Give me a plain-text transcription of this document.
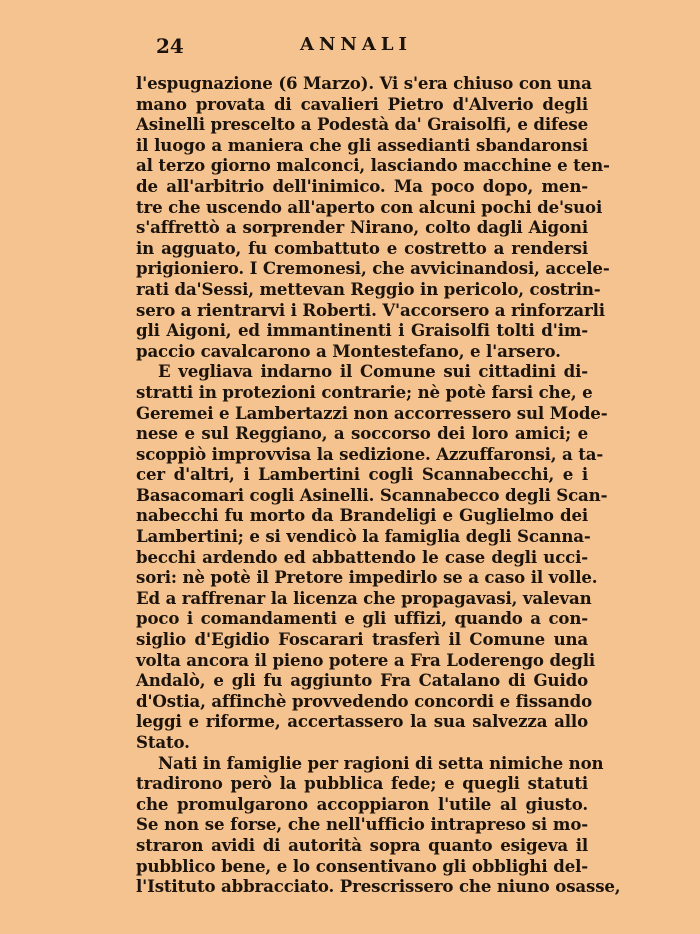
24	ANNALI
l'espugnazione (6 Marzo). Vi s'era chiuso con una
mano provata di cavalieri Pietro d'Alverio degli
Asinelli prescelto a Podestà da' Graisolfi, e difese
il luogo a maniera che gli assedianti sbandaronsi
al terzo giorno malconci, lasciando macchine e ten-
de all'arbitrio dell'inimico. Ma poco dopo, men-
tre che uscendo all'aperto con alcuni pochi de'suoi
s'affrettò a sorprender Nirano, colto dagli Aigoni
in agguato, fu combattuto e costretto a rendersi
prigioniero. I Cremonesi, che avvicinandosi, accele-
rati da'Sessi, mettevan Reggio in pericolo, costrin-
sero a rientrarvi i Roberti. V'accorsero a rinforzarli
gli Aigoni, ed immantinenti i Graisolfi tolti d'im-
paccio cavalcarono a Montestefano, e l'arsero.
E vegliava indarno il Comune sui cittadini di-
stratti in protezioni contrarie; nè potè farsi che, e
Geremei e Lambertazzi non accorressero sul Mode-
nese e sul Reggiano, a soccorso dei loro amici; e
scoppiò improvvisa la sedizione. Azzuffaronsi, a ta-
cer d'altri, i Lambertini cogli Scannabecchi, e i
Basacomari cogli Asinelli. Scannabecco degli Scan-
nabecchi fu morto da Brandeligi e Guglielmo dei
Lambertini; e si vendicò la famiglia degli Scanna-
becchi ardendo ed abbattendo le case degli ucci-
sori: nè potè il Pretore impedirlo se a caso il volle.
Ed a raffrenar la licenza che propagavasi, valevan
poco i comandamenti e gli uffizi, quando a con-
siglio d'Egidio Foscarari trasferì il Comune una
volta ancora il pieno potere a Fra Loderengo degli
Andalò, e gli fu aggiunto Fra Catalano di Guido
d'Ostia, affinchè provvedendo concordi e fissando
leggi e riforme, accertassero la sua salvezza allo
Stato.
Nati in famiglie per ragioni di setta nimiche non
tradirono però la pubblica fede; e quegli statuti
che promulgarono accoppiaron l'utile al giusto.
Se non se forse, che nell'ufficio intrapreso si mo-
straron avidi di autorità sopra quanto esigeva il
pubblico bene, e lo consentivano gli obblighi del-
l'Istituto abbracciato. Prescrissero che niuno osasse,
